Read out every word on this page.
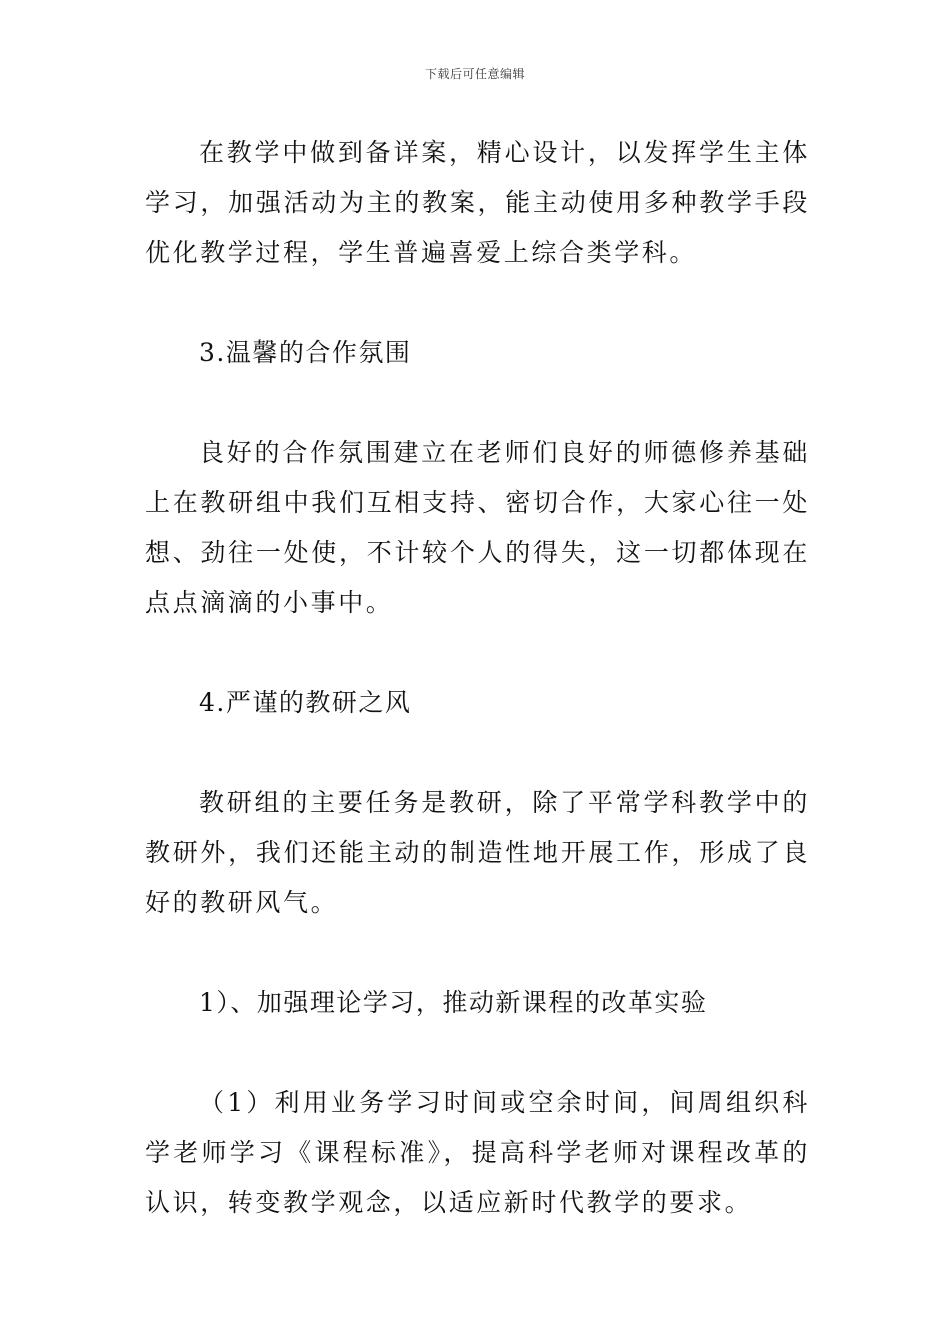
下载后可任意编辑

在教学中做到备详案，精心设计，以发挥学生主体学习，加强活动为主的教案，能主动使用多种教学手段优化教学过程，学生普遍喜爱上综合类学科。

3.温馨的合作氛围

良好的合作氛围建立在老师们良好的师德修养基础上在教研组中我们互相支持、密切合作，大家心往一处想、劲往一处使，不计较个人的得失，这一切都体现在点点滴滴的小事中。

4.严谨的教研之风

教研组的主要任务是教研，除了平常学科教学中的教研外，我们还能主动的制造性地开展工作，形成了良好的教研风气。

1）、加强理论学习，推动新课程的改革实验

（1）利用业务学习时间或空余时间，间周组织科学老师学习《课程标准》，提高科学老师对课程改革的认识，转变教学观念，以适应新时代教学的要求。
